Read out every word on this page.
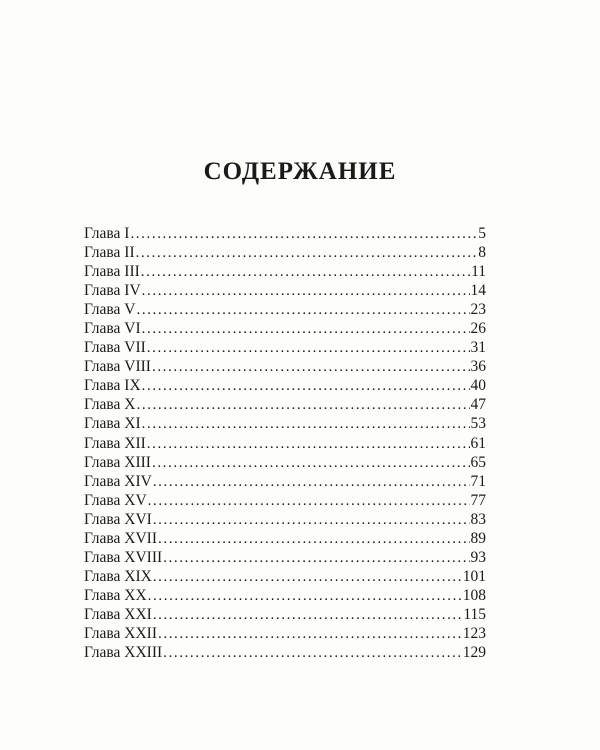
СОДЕРЖАНИЕ
Глава I .....	5
Глава II .....	8
Глава III .....	11
Глава IV .....	14
Глава V .....	23
Глава VI .....	26
Глава VII .....	31
Глава VIII .....	36
Глава IX .....	40
Глава X .....	47
Глава XI .....	53
Глава XII .....	61
Глава XIII .....	65
Глава XIV .....	71
Глава XV .....	77
Глава XVI .....	83
Глава XVII .....	89
Глава XVIII .....	93
Глава XIX .....	101
Глава XX .....	108
Глава XXI .....	115
Глава XXII .....	123
Глава XXIII .....	129
